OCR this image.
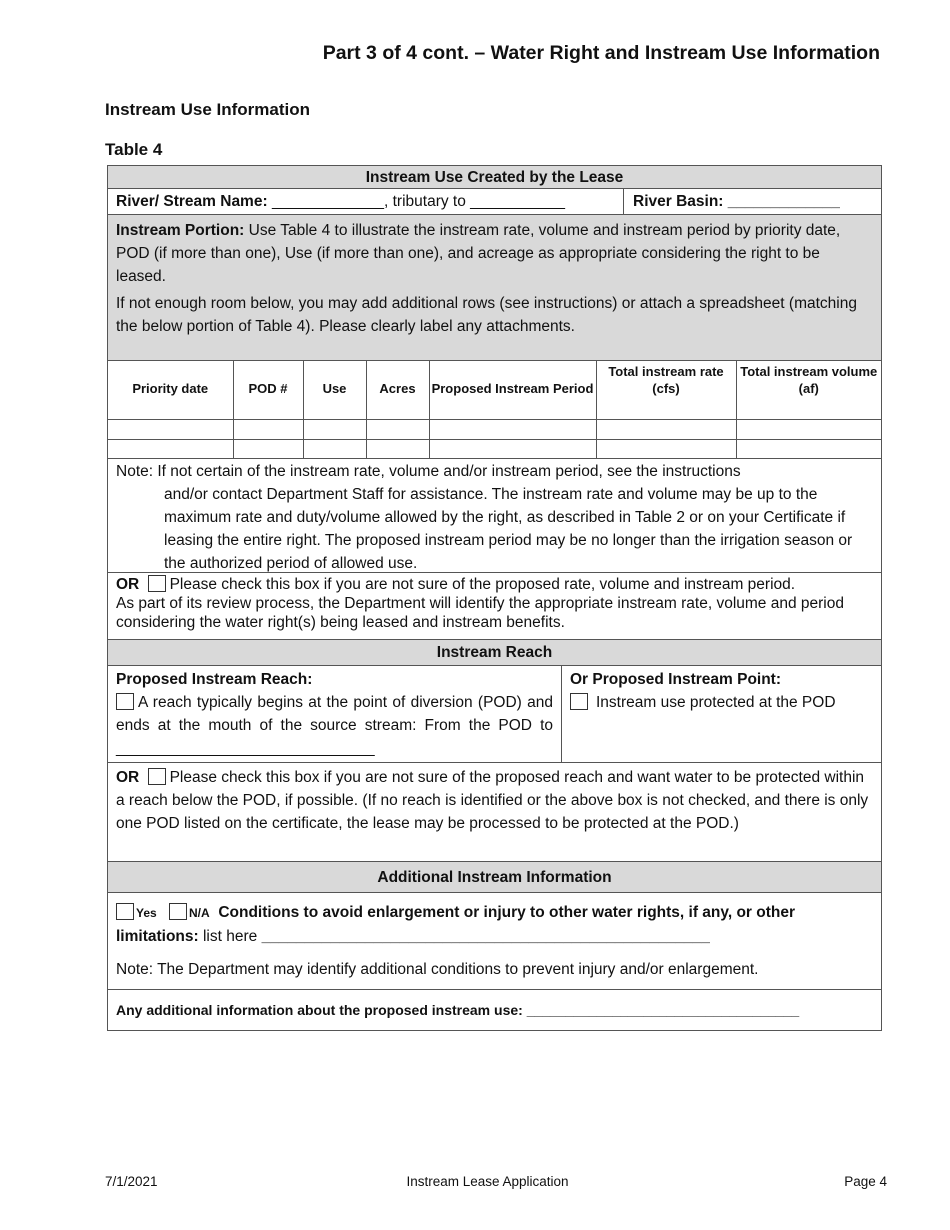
Part 3 of 4 cont. – Water Right and Instream Use Information
Instream Use Information
Table 4
Instream Use Created by the Lease
River/ Stream Name: _____________, tributary to ___________	River Basin: _____________
Instream Portion: Use Table 4 to illustrate the instream rate, volume and instream period by priority date, POD (if more than one), Use (if more than one), and acreage as appropriate considering the right to be leased.
If not enough room below, you may add additional rows (see instructions) or attach a spreadsheet (matching the below portion of Table 4). Please clearly label any attachments.
Priority date	POD #	Use	Acres	Proposed Instream Period	Total instream rate (cfs)	Total instream volume (af)

Note: If not certain of the instream rate, volume and/or instream period, see the instructions
and/or contact Department Staff for assistance. The instream rate and volume may be up to the maximum rate and duty/volume allowed by the right, as described in Table 2 or on your Certificate if leasing the entire right. The proposed instream period may be no longer than the irrigation season or the authorized period of allowed use.
OR Please check this box if you are not sure of the proposed rate, volume and instream period.
As part of its review process, the Department will identify the appropriate instream rate, volume and period considering the water right(s) being leased and instream benefits.
Instream Reach
Proposed Instream Reach:
A reach typically begins at the point of diversion (POD) and ends at the mouth of the source stream: From the POD to ______________________________
Or Proposed Instream Point:
Instream use protected at the POD
OR Please check this box if you are not sure of the proposed reach and want water to be protected within a reach below the POD, if possible. (If no reach is identified or the above box is not checked, and there is only one POD listed on the certificate, the lease may be processed to be protected at the POD.)
Additional Instream Information
Yes	N/A Conditions to avoid enlargement or injury to other water rights, if any, or other limitations: list here ____________________________________________________
Note: The Department may identify additional conditions to prevent injury and/or enlargement.
Any additional information about the proposed instream use: ___________________________________
7/1/2021	Instream Lease Application	Page 4
